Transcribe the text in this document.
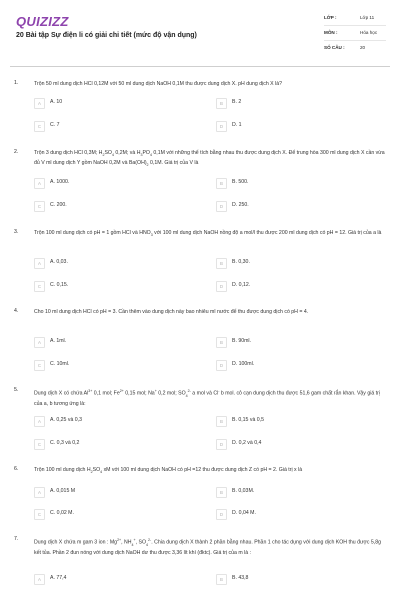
QUIZIZZ
20 Bài tập Sự điện li có giải chi tiết (mức độ vận dụng)
LỚP :	Lớp 11
MÔN :	Hóa học
SỐ CÂU :	20
1.	Trộn 50 ml dung dịch HCl 0,12M với 50 ml dung dịch NaOH 0,1M thu được dung dịch X. pH dung dịch X là?
A	A. 10	B	B. 2
C	C. 7	D	D. 1
2.	Trộn 3 dung dịch HCl 0,3M; $H_2SO_4$ 0,2M; và $H_3PO_4$ 0,1M với những thể tích bằng nhau thu được dung dịch X. Để trung hòa 300 ml dung dịch X cần vừa đủ V ml dung dịch Y gồm NaOH 0,2M và $Ba(OH)_2$ 0,1M. Giá trị của V là
A	A. 1000.	B	B. 500.
C	C. 200.	D	D. 250.
3.	Trộn 100 ml dung dịch có pH = 1 gồm HCl và $HNO_3$ với 100 ml dung dịch NaOH nồng độ a mol/l thu được 200 ml dung dịch có pH = 12. Giá trị của a là
A	A. 0,03.	B	B. 0,30.
C	C. 0,15.	D	D. 0,12.
4.	Cho 10 ml dung dịch HCl có pH = 3. Cần thêm vào dung dịch này bao nhiêu ml nước để thu được dung dịch có pH = 4.
A	A. 1ml.	B	B. 90ml.
C	C. 10ml.	D	D. 100ml.
5.
Dung dịch X có chứa $Al^{3+}$ 0,1 mol; $Fe^{2+}$ 0,15 mol; Na+ 0,2 mol; $SO_4^{2-}$ a mol và Cl- b mol. cô cạn dung dịch thu được 51,6 gam chất rắn khan. Vậy giá trị của a, b tương ứng là:
A	A. 0,25 và 0,3	B	B. 0,15 và 0,5
C	C. 0,3 và 0,2	D	D. 0,2 và 0,4
6.	Trộn 100 ml dung dịch $H_2SO_4$ xM với 100 ml dung dịch NaOH có pH =12 thu được dung dịch Z có pH = 2. Giá trị x là
A	A. 0,015 M	B	B. 0,03M.
C	C. 0,02 M.	D	D. 0,04 M.
7.
Dung dịch X chứa m gam 3 ion : $Mg^{2+}$, $NH_4^+$, $SO_4^{2-}$. Chia dung dịch X thành 2 phần bằng nhau. Phần 1 cho tác dụng với dung dịch KOH thu được 5,8g kết tủa. Phần 2 đun nóng với dung dịch NaOH dư thu được 3,36 lít khí (đktc). Giá trị của m là :
A	A. 77,4	B	B. 43,8
